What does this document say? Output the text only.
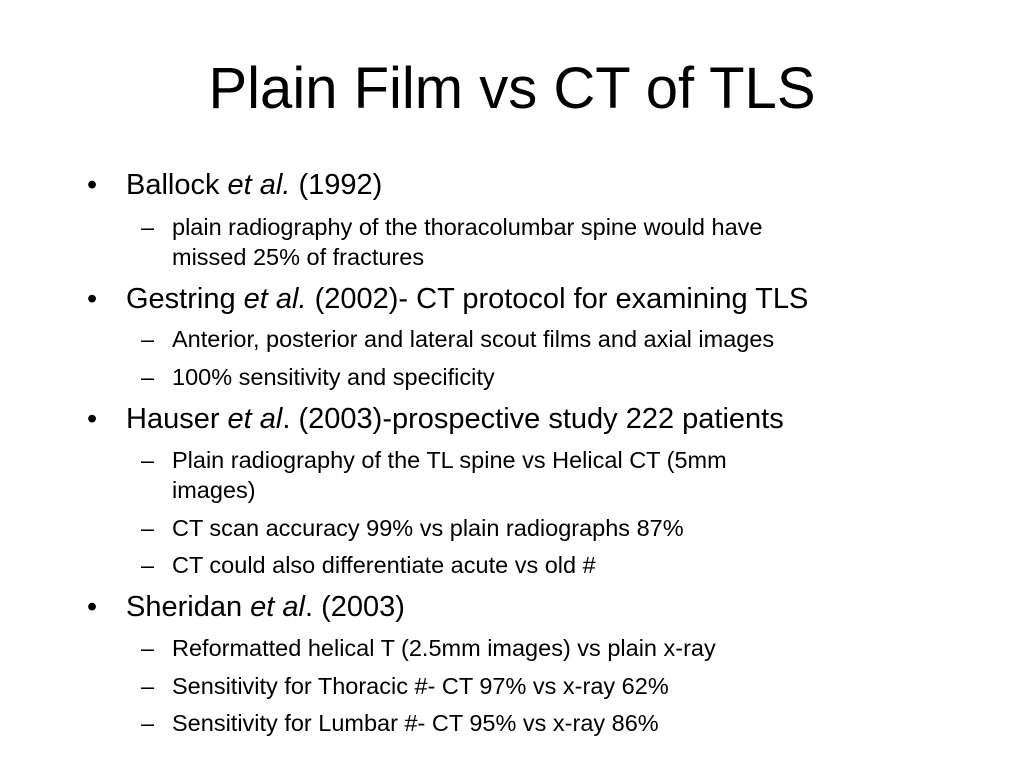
Plain Film vs CT of TLS
• Ballock et al. (1992)
– plain radiography of the thoracolumbar spine would have
missed 25% of fractures
• Gestring et al. (2002)- CT protocol for examining TLS
– Anterior, posterior and lateral scout films and axial images
– 100% sensitivity and specificity
• Hauser et al. (2003)-prospective study 222 patients
– Plain radiography of the TL spine vs Helical CT (5mm
images)
– CT scan accuracy 99% vs plain radiographs 87%
– CT could also differentiate acute vs old #
• Sheridan et al. (2003)
– Reformatted helical T (2.5mm images) vs plain x-ray
– Sensitivity for Thoracic #- CT 97% vs x-ray 62%
– Sensitivity for Lumbar #- CT 95% vs x-ray 86%
